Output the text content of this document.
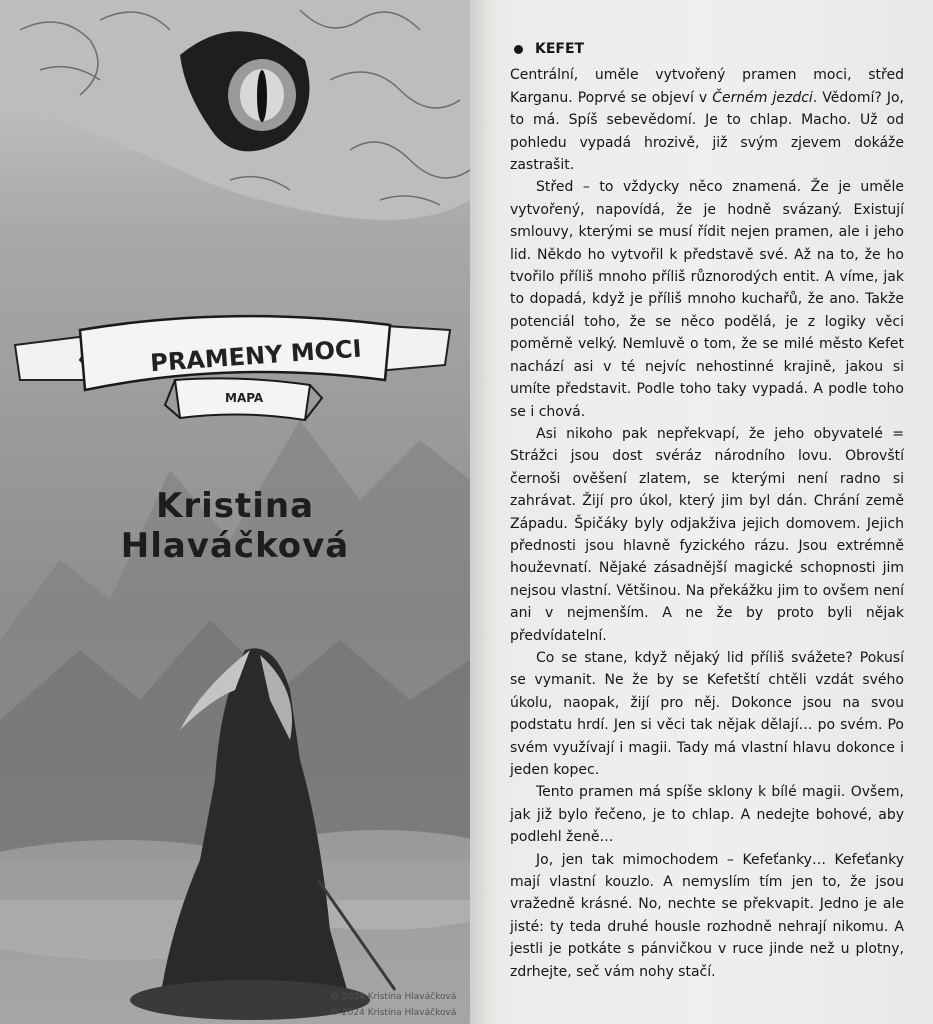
PRAMENY MOCI
MAPA
Kristina Hlaváčková
© 2024 Kristina Hlaváčková
© 2024 Kristina Hlaváčková
KEFET

Centrální, uměle vytvořený pramen moci, střed Karganu. Poprvé se objeví v Černém jezdci. Vědomí? Jo, to má. Spíš sebevědomí. Je to chlap. Macho. Už od pohledu vypadá hrozivě, již svým zjevem dokáže zastrašit.

Střed – to vždycky něco znamená. Že je uměle vytvořený, napovídá, že je hodně svázaný. Existují smlouvy, kterými se musí řídit nejen pramen, ale i jeho lid. Někdo ho vytvořil k představě své. Až na to, že ho tvořilo příliš mnoho příliš různorodých entit. A víme, jak to dopadá, když je příliš mnoho kuchařů, že ano. Takže potenciál toho, že se něco podělá, je z logiky věci poměrně velký. Nemluvě o tom, že se milé město Kefet nachází asi v té nejvíc nehostinné krajině, jakou si umíte představit. Podle toho taky vypadá. A podle toho se i chová.

Asi nikoho pak nepřekvapí, že jeho obyvatelé = Strážci jsou dost svéráz národního lovu. Obrovští černoši ověšení zlatem, se kterými není radno si zahrávat. Žijí pro úkol, který jim byl dán. Chrání země Západu. Špičáky byly odjakživa jejich domovem. Jejich přednosti jsou hlavně fyzického rázu. Jsou extrémně houževnatí. Nějaké zásadnější magické schopnosti jim nejsou vlastní. Většinou. Na překážku jim to ovšem není ani v nejmenším. A ne že by proto byli nějak předvídatelní.

Co se stane, když nějaký lid příliš svážete? Pokusí se vymanit. Ne že by se Kefetští chtěli vzdát svého úkolu, naopak, žijí pro něj. Dokonce jsou na svou podstatu hrdí. Jen si věci tak nějak dělají… po svém. Po svém využívají i magii. Tady má vlastní hlavu dokonce i jeden kopec.

Tento pramen má spíše sklony k bílé magii. Ovšem, jak již bylo řečeno, je to chlap. A nedejte bohové, aby podlehl ženě…

Jo, jen tak mimochodem – Kefeťanky… Kefeťanky mají vlastní kouzlo. A nemyslím tím jen to, že jsou vražedně krásné. No, nechte se překvapit. Jedno je ale jisté: ty teda druhé housle rozhodně nehrají nikomu. A jestli je potkáte s pánvičkou v ruce jinde než u plotny, zdrhejte, seč vám nohy stačí.
